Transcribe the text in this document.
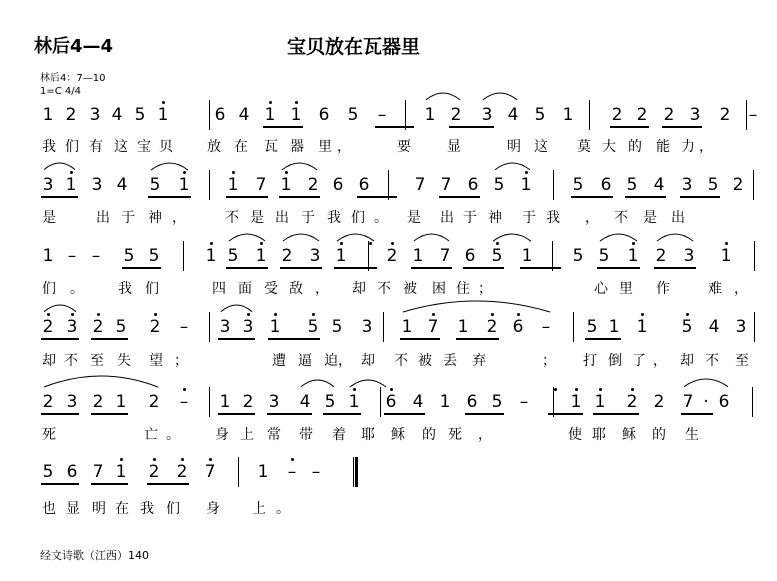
林后4—4	宝贝放在瓦器里
林后4：7—10
1=C 4/4
1 2 3 4 5 1	6 4 1 1 6 5 – 1 2 3 4 5 1 2 2 2 3 2 –
我 们 有 这 宝 贝 放 在 瓦 器 里 ，	要	显	明 这 莫 大 的 能 力 ，
3 1 3 4 5 1 1 7 1 2 6 6	7 7 6 5 1 5 6 5 4 3 5 2
是	出 于 神 ，	不 是 出 于 我 们 。 是 出 于 神	， 不 是 出
于 我
1 – – 5 5	1 5 1 2 3 1 2 1 7 6 5 1 5 5 1 2 3 1
们 。 我 们	四 面 受 敌 ， 却 不 被 困 住 ；	心 里 作	难 ，
2 3 2 5 2 – 3 3 1 5 5 3 1 7 1 2 6 – 5 1 1 5 4 3
却 不 至 失 望 ；	遭 逼 迫 ， 却 不 被 丢 弃	； 打 倒 了 ， 却 不 至
2 3 2 1 2 – 1 2 3 4 5 1 6 4 1 6 5 – 1 1 2 2 7 · 6
死	亡 。	身 上 常 带 着 耶 稣 的 死 ，	使 耶 稣 的 生
5 6 7 1 2 2 7 1 – –
也 显 明 在 我 们 身 上 。
经文诗歌（江西）140
